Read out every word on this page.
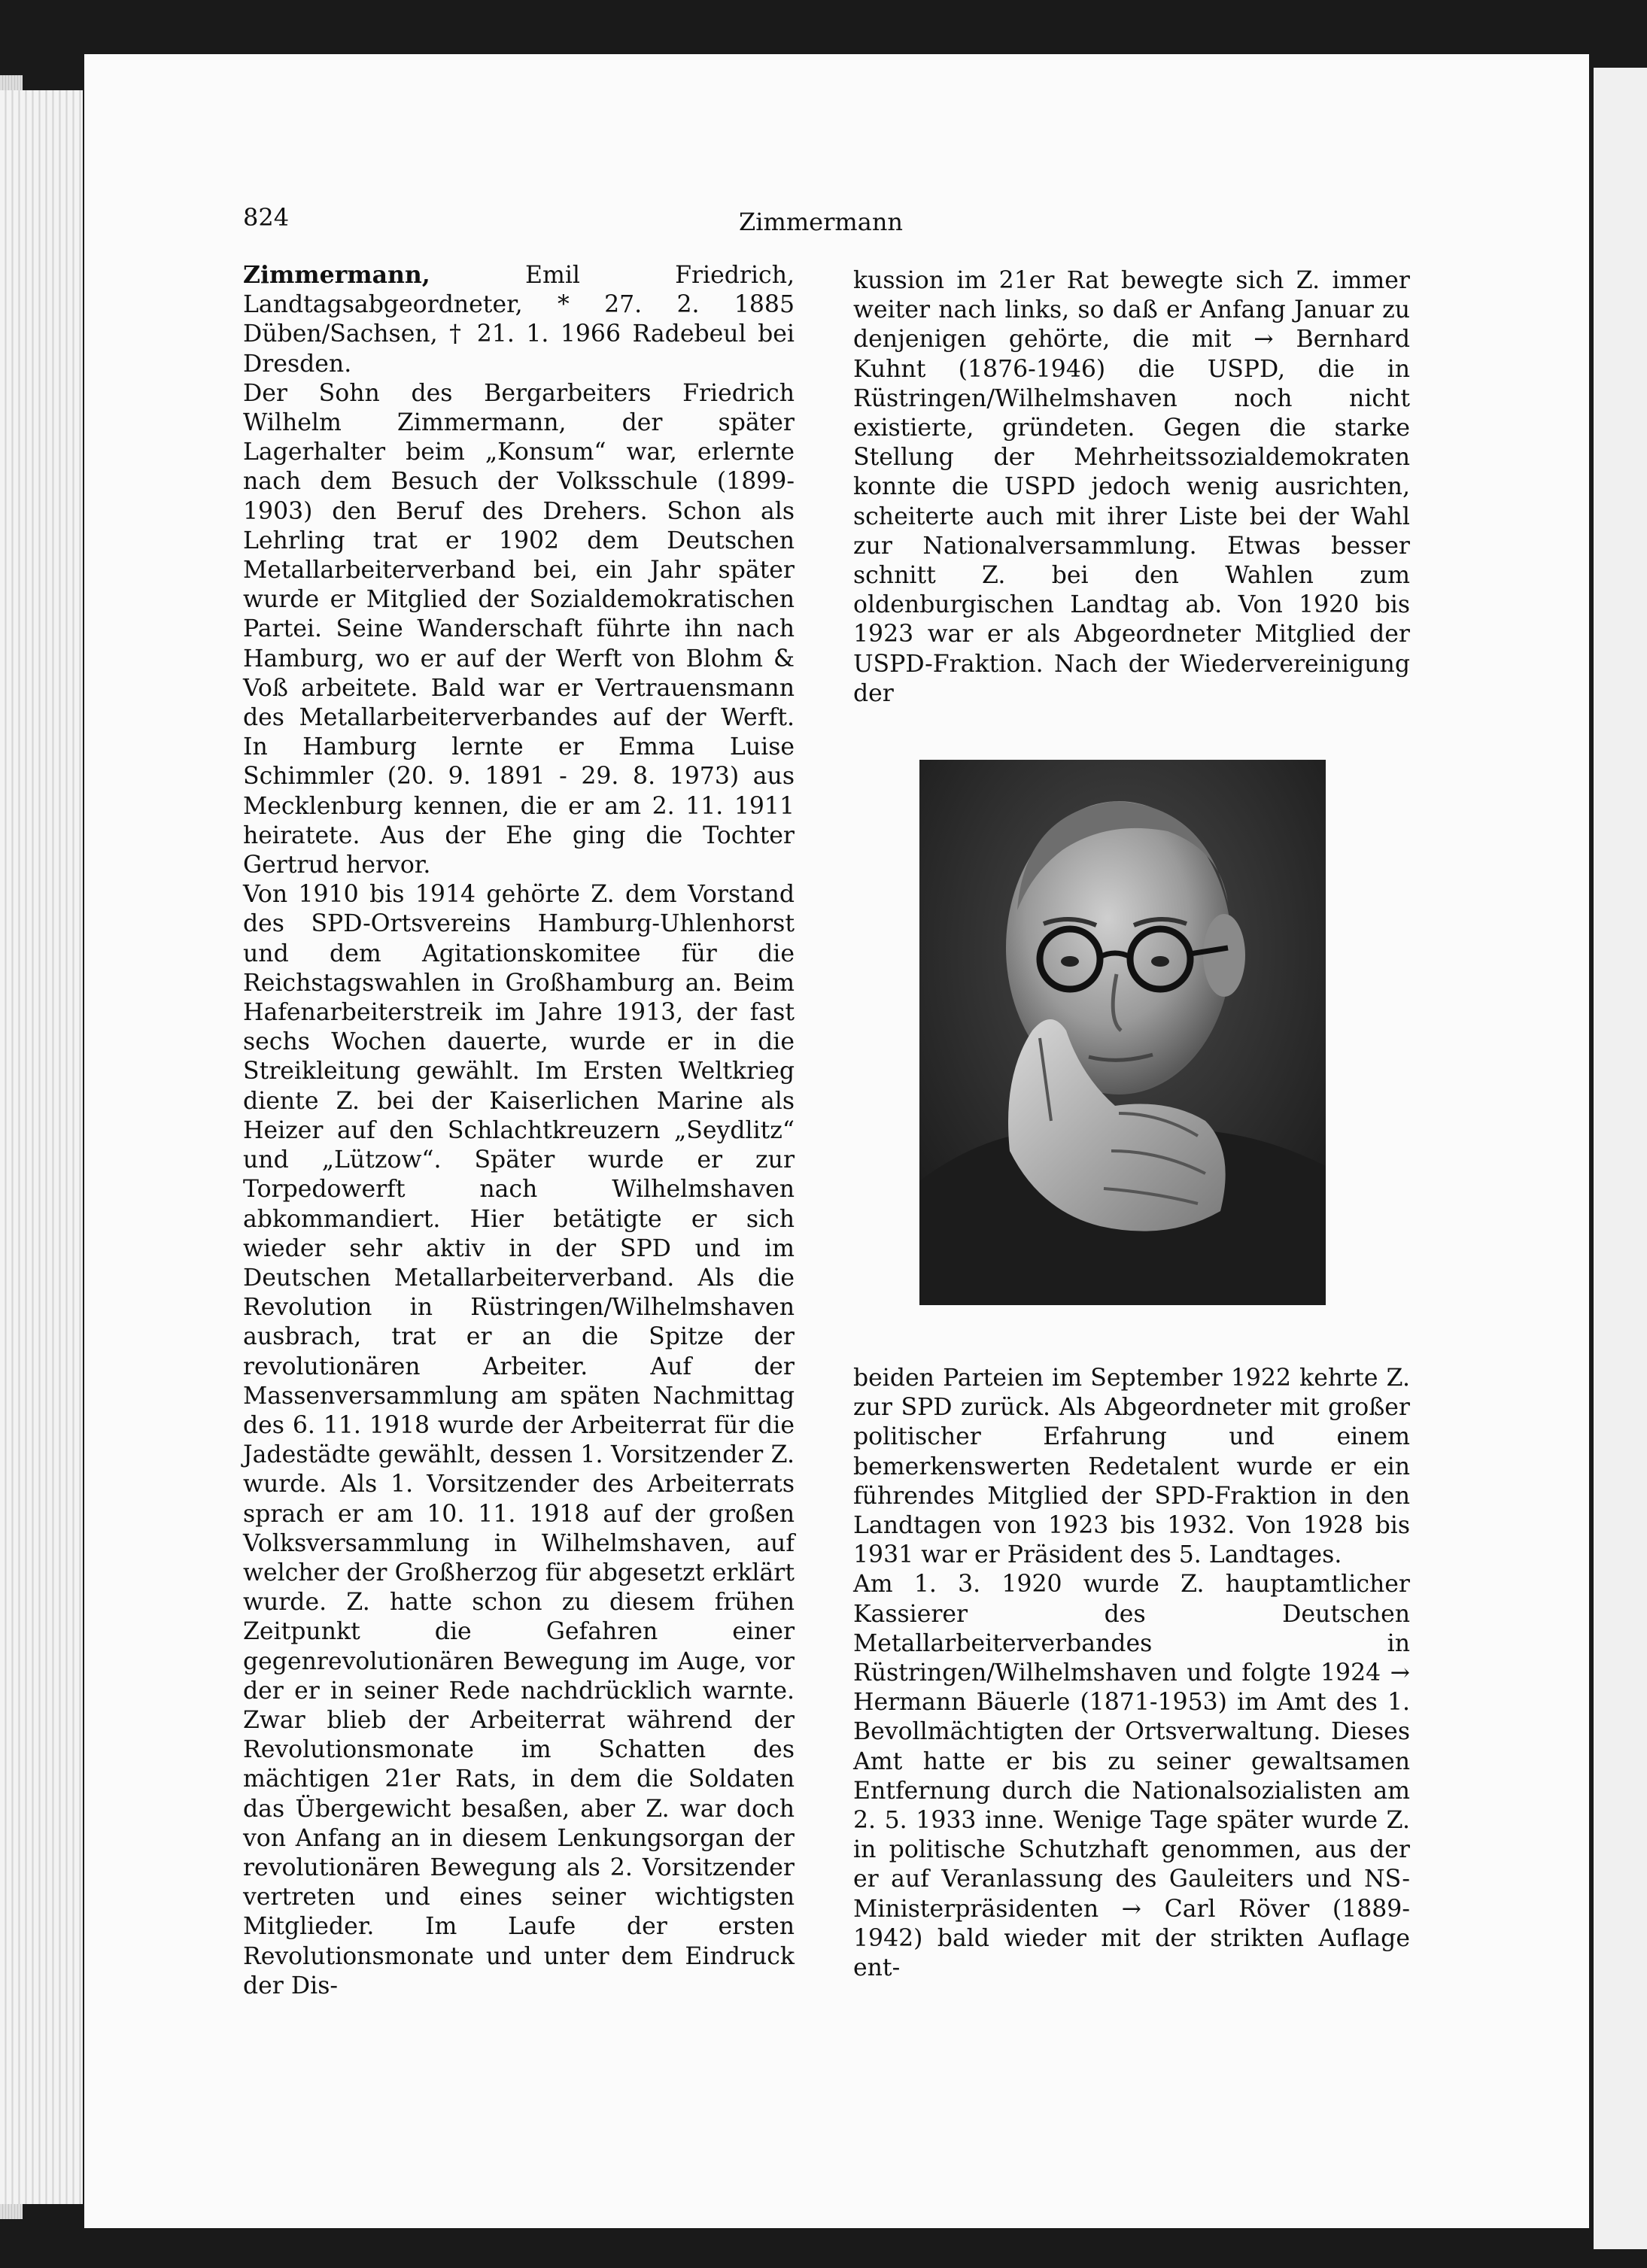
824	Zimmermann

Zimmermann,	Emil Friedrich, Landtagsabgeordneter, * 27. 2. 1885 Düben/Sachsen, † 21. 1. 1966 Radebeul bei Dresden.

Der Sohn des Bergarbeiters Friedrich Wilhelm Zimmermann, der später Lagerhalter beim „Konsum“ war, erlernte nach dem Besuch der Volksschule (1899-1903) den Beruf des Drehers. Schon als Lehrling trat er 1902 dem Deutschen Metallarbeiterverband bei, ein Jahr später wurde er Mitglied der Sozialdemokratischen Partei. Seine Wanderschaft führte ihn nach Hamburg, wo er auf der Werft von Blohm & Voß arbeitete. Bald war er Vertrauensmann des Metallarbeiterverbandes auf der Werft. In Hamburg lernte er Emma Luise Schimmler (20. 9. 1891 - 29. 8. 1973) aus Mecklenburg kennen, die er am 2. 11. 1911 heiratete. Aus der Ehe ging die Tochter Gertrud hervor.

Von 1910 bis 1914 gehörte Z. dem Vorstand des SPD-Ortsvereins Hamburg-Uhlenhorst und dem Agitationskomitee für die Reichstagswahlen in Großhamburg an. Beim Hafenarbeiterstreik im Jahre 1913, der fast sechs Wochen dauerte, wurde er in die Streikleitung gewählt. Im Ersten Weltkrieg diente Z. bei der Kaiserlichen Marine als Heizer auf den Schlachtkreuzern „Seydlitz“ und „Lützow“. Später wurde er zur Torpedowerft nach Wilhelmshaven abkommandiert. Hier betätigte er sich wieder sehr aktiv in der SPD und im Deutschen Metallarbeiterverband. Als die Revolution in Rüstringen/Wilhelmshaven ausbrach, trat er an die Spitze der revolutionären Arbeiter. Auf der Massenversammlung am späten Nachmittag des 6. 11. 1918 wurde der Arbeiterrat für die Jadestädte gewählt, dessen 1. Vorsitzender Z. wurde. Als 1. Vorsitzender des Arbeiterrats sprach er am 10. 11. 1918 auf der großen Volksversammlung in Wilhelmshaven, auf welcher der Großherzog für abgesetzt erklärt wurde. Z. hatte schon zu diesem frühen Zeitpunkt die Gefahren einer gegenrevolutionären Bewegung im Auge, vor der er in seiner Rede nachdrücklich warnte. Zwar blieb der Arbeiterrat während der Revolutionsmonate im Schatten des mächtigen 21er Rats, in dem die Soldaten das Übergewicht besaßen, aber Z. war doch von Anfang an in diesem Lenkungsorgan der revolutionären Bewegung als 2. Vorsitzender vertreten und eines seiner wichtigsten Mitglieder. Im Laufe der ersten Revolutionsmonate und unter dem Eindruck der Dis-

kussion im 21er Rat bewegte sich Z. immer weiter nach links, so daß er Anfang Januar zu denjenigen gehörte, die mit → Bernhard Kuhnt (1876-1946) die USPD, die in Rüstringen/Wilhelmshaven noch nicht existierte, gründeten. Gegen die starke Stellung der Mehrheitssozialdemokraten konnte die USPD jedoch wenig ausrichten, scheiterte auch mit ihrer Liste bei der Wahl zur Nationalversammlung. Etwas besser schnitt Z. bei den Wahlen zum oldenburgischen Landtag ab. Von 1920 bis 1923 war er als Abgeordneter Mitglied der USPD-Fraktion. Nach der Wiedervereinigung der

beiden Parteien im September 1922 kehrte Z. zur SPD zurück. Als Abgeordneter mit großer politischer Erfahrung und einem bemerkenswerten Redetalent wurde er ein führendes Mitglied der SPD-Fraktion in den Landtagen von 1923 bis 1932. Von 1928 bis 1931 war er Präsident des 5. Landtages.

Am 1. 3. 1920 wurde Z. hauptamtlicher Kassierer des Deutschen Metallarbeiterverbandes in Rüstringen/Wilhelmshaven und folgte 1924 → Hermann Bäuerle (1871-1953) im Amt des 1. Bevollmächtigten der Ortsverwaltung. Dieses Amt hatte er bis zu seiner gewaltsamen Entfernung durch die Nationalsozialisten am 2. 5. 1933 inne. Wenige Tage später wurde Z. in politische Schutzhaft genommen, aus der er auf Veranlassung des Gauleiters und NS-Ministerpräsidenten → Carl Röver (1889-1942) bald wieder mit der strikten Auflage ent-
